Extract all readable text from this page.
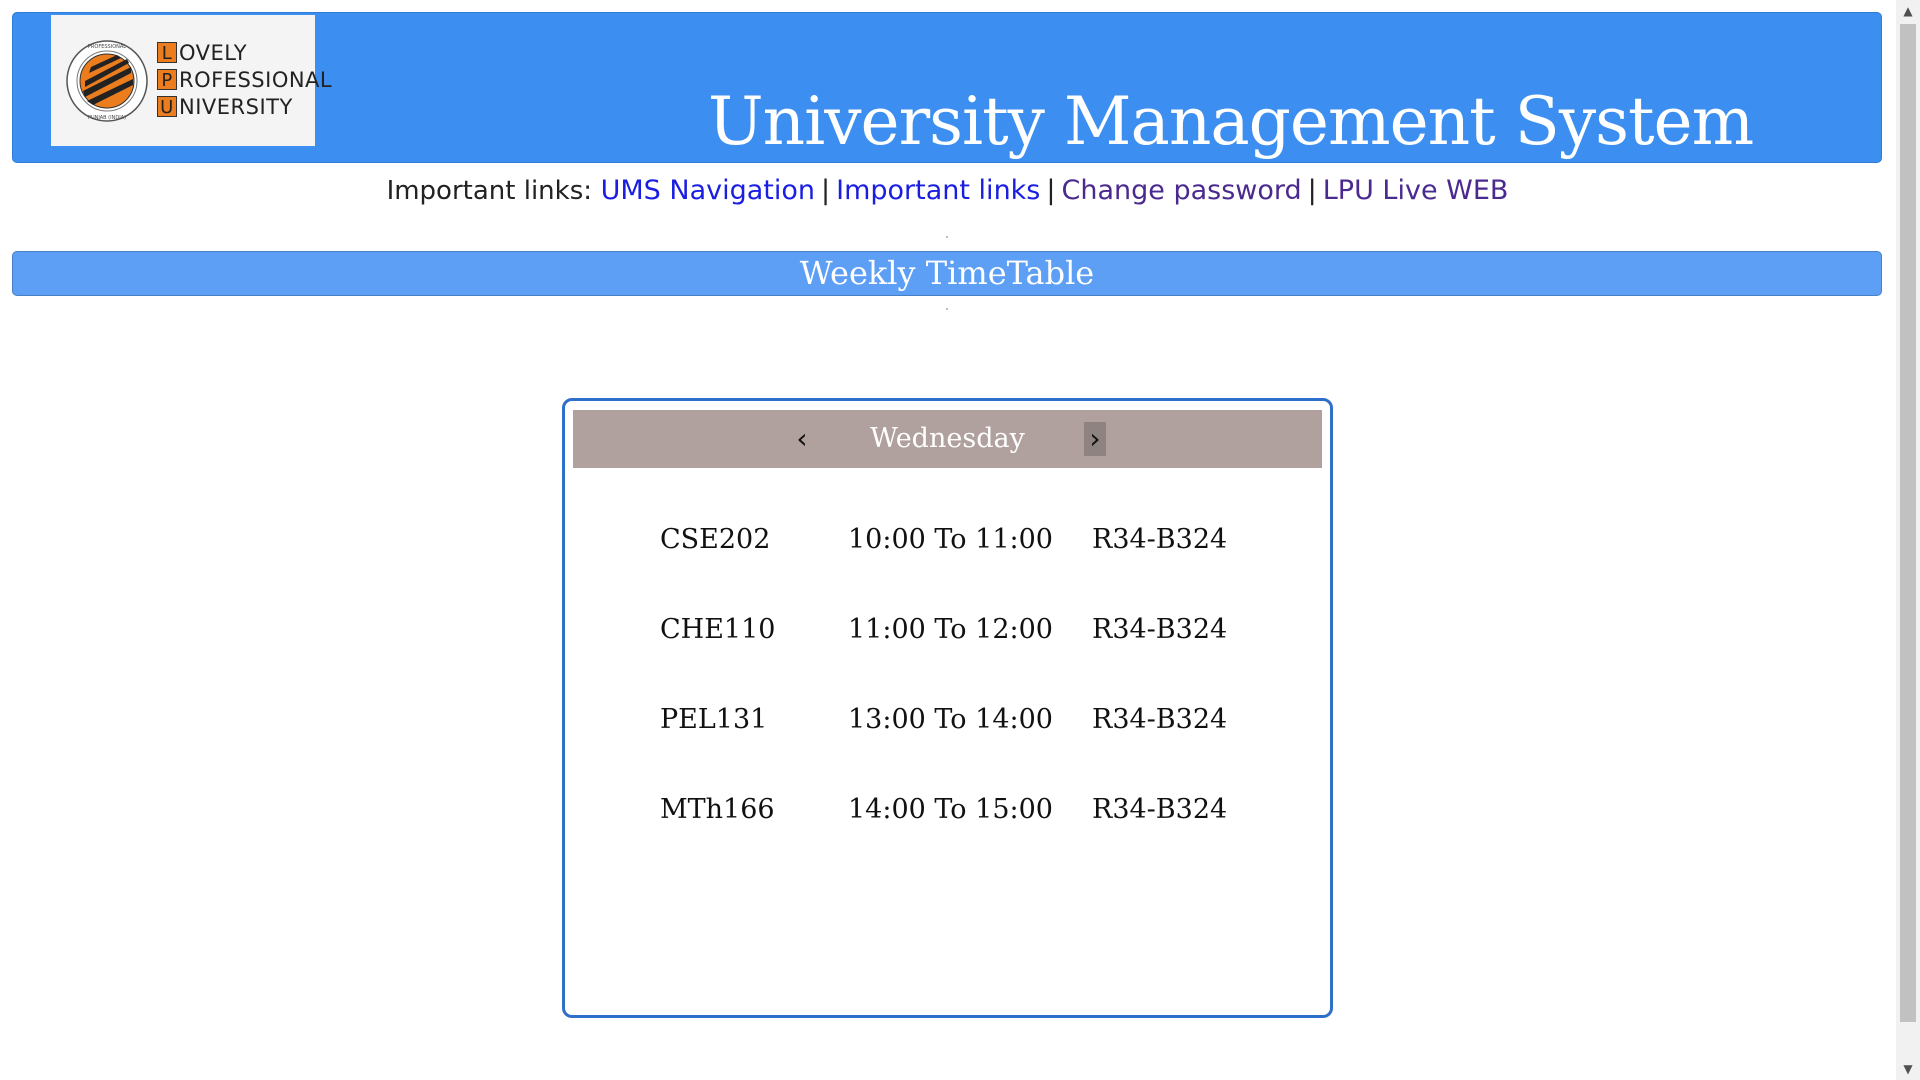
PROFESSIONAL
PUNJAB (INDIA)
L OVELY
P ROFESSIONAL
U NIVERSITY	University Management System
Important links: UMS Navigation | Important links | Change password | LPU Live WEB
Weekly TimeTable
Wednesday
‹	›
CSE202	10:00 To 11:00 R34-B324
CHE110	11:00 To 12:00 R34-B324
PEL131	13:00 To 14:00 R34-B324
MTh166	14:00 To 15:00 R34-B324
▲
▼
